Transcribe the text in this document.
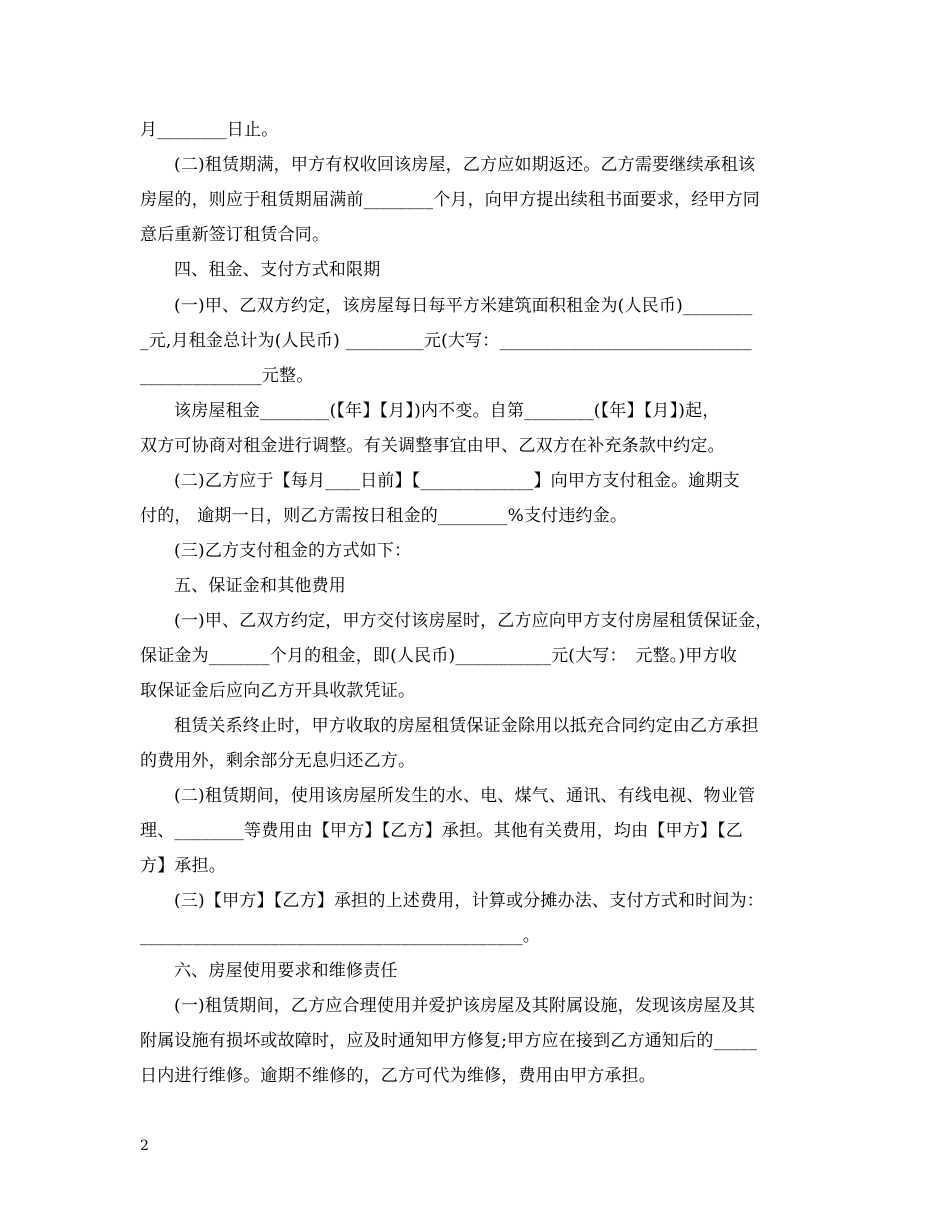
月________日止。
(二)租赁期满，甲方有权收回该房屋，乙方应如期返还。乙方需要继续承租该
房屋的，则应于租赁期届满前________个月，向甲方提出续租书面要求，经甲方同
意后重新签订租赁合同。
四、租金、支付方式和限期
(一)甲、乙双方约定，该房屋每日每平方米建筑面积租金为(人民币)________
_元,月租金总计为(人民币) _________元(大写：_____________________________
______________元整。
该房屋租金________(【年】【月】)内不变。自第________(【年】【月】)起，
双方可协商对租金进行调整。有关调整事宜由甲、乙双方在补充条款中约定。
(二)乙方应于【每月____日前】【_____________】向甲方支付租金。逾期支
付的， 逾期一日，则乙方需按日租金的________%支付违约金。
(三)乙方支付租金的方式如下：
五、保证金和其他费用
(一)甲、乙双方约定，甲方交付该房屋时，乙方应向甲方支付房屋租赁保证金，
保证金为_______个月的租金，即(人民币)___________元(大写：　元整。)甲方收
取保证金后应向乙方开具收款凭证。
租赁关系终止时，甲方收取的房屋租赁保证金除用以抵充合同约定由乙方承担
的费用外，剩余部分无息归还乙方。
(二)租赁期间，使用该房屋所发生的水、电、煤气、通讯、有线电视、物业管
理、________等费用由【甲方】【乙方】承担。其他有关费用，均由【甲方】【乙
方】承担。
(三)【甲方】【乙方】承担的上述费用，计算或分摊办法、支付方式和时间为：
____________________________________________。
六、房屋使用要求和维修责任
(一)租赁期间，乙方应合理使用并爱护该房屋及其附属设施，发现该房屋及其
附属设施有损坏或故障时，应及时通知甲方修复;甲方应在接到乙方通知后的_____
日内进行维修。逾期不维修的，乙方可代为维修，费用由甲方承担。
2
